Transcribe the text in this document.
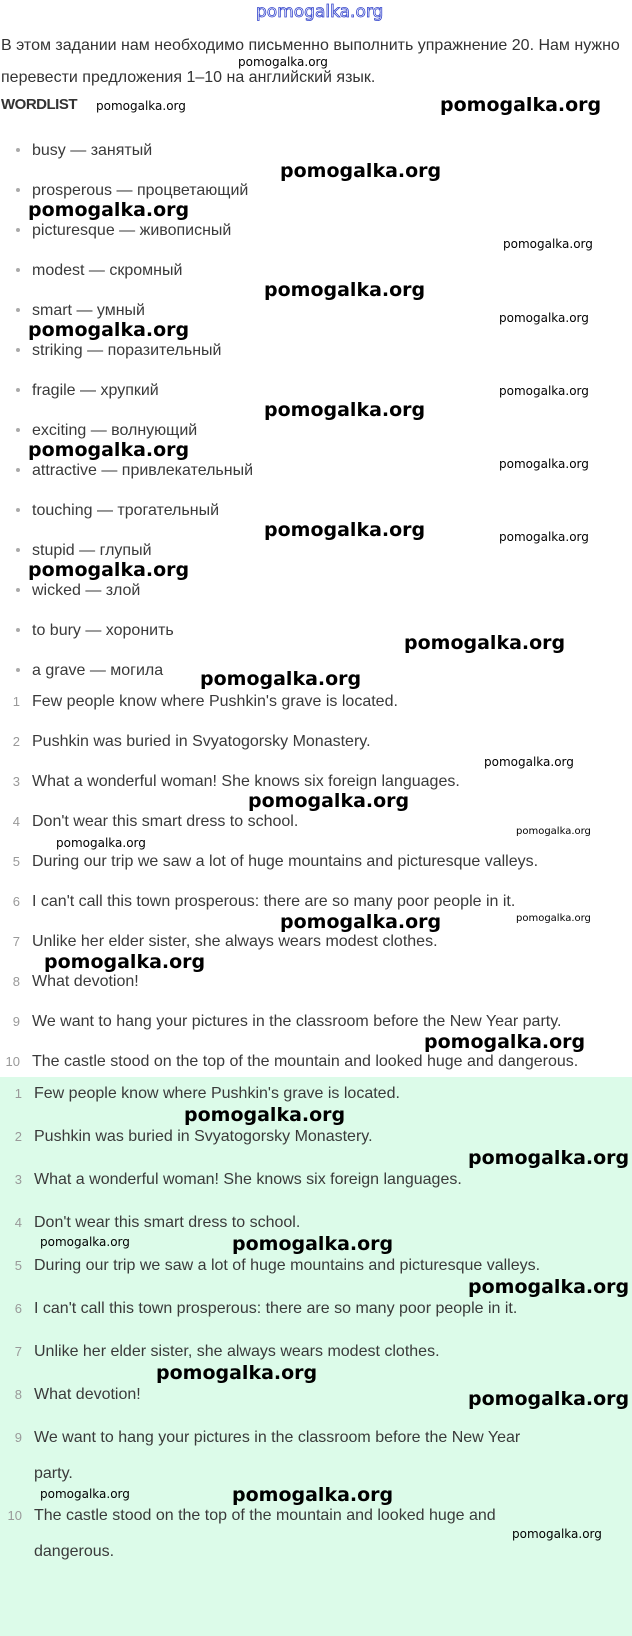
pomogalka.org
В этом задании нам необходимо письменно выполнить упражнение 20. Нам нужно перевести предложения 1–10 на английский язык.
WORDLIST
busy — занятый
prosperous — процветающий
picturesque — живописный
modest — скромный
smart — умный
striking — поразительный
fragile — хрупкий
exciting — волнующий
attractive — привлекательный
touching — трогательный
stupid — глупый
wicked — злой
to bury — хоронить
a grave — могила
1 Few people know where Pushkin's grave is located.
2 Pushkin was buried in Svyatogorsky Monastery.
3 What a wonderful woman! She knows six foreign languages.
4 Don't wear this smart dress to school.
5 During our trip we saw a lot of huge mountains and picturesque valleys.
6 I can't call this town prosperous: there are so many poor people in it.
7 Unlike her elder sister, she always wears modest clothes.
8 What devotion!
9 We want to hang your pictures in the classroom before the New Year party.
10 The castle stood on the top of the mountain and looked huge and dangerous.
1 Few people know where Pushkin's grave is located.
2 Pushkin was buried in Svyatogorsky Monastery.
3 What a wonderful woman! She knows six foreign languages.
4 Don't wear this smart dress to school.
5 During our trip we saw a lot of huge mountains and picturesque valleys.
6 I can't call this town prosperous: there are so many poor people in it.
7 Unlike her elder sister, she always wears modest clothes.
8 What devotion!
9 We want to hang your pictures in the classroom before the New Year
party.
10 The castle stood on the top of the mountain and looked huge and
dangerous.
pomogalka.org
pomogalka.org
pomogalka.org
pomogalka.org
pomogalka.org
pomogalka.org
pomogalka.org
pomogalka.org
pomogalka.org
pomogalka.org
pomogalka.org
pomogalka.org
pomogalka.org
pomogalka.org	pomogalka.org
pomogalka.org
pomogalka.org
pomogalka.org
pomogalka.org
pomogalka.org
pomogalka.org
pomogalka.org
pomogalka.org	pomogalka.org
pomogalka.org
pomogalka.org
pomogalka.org
pomogalka.org
pomogalka.org	pomogalka.org
pomogalka.org
pomogalka.org
pomogalka.org
pomogalka.org	pomogalka.org
pomogalka.org
